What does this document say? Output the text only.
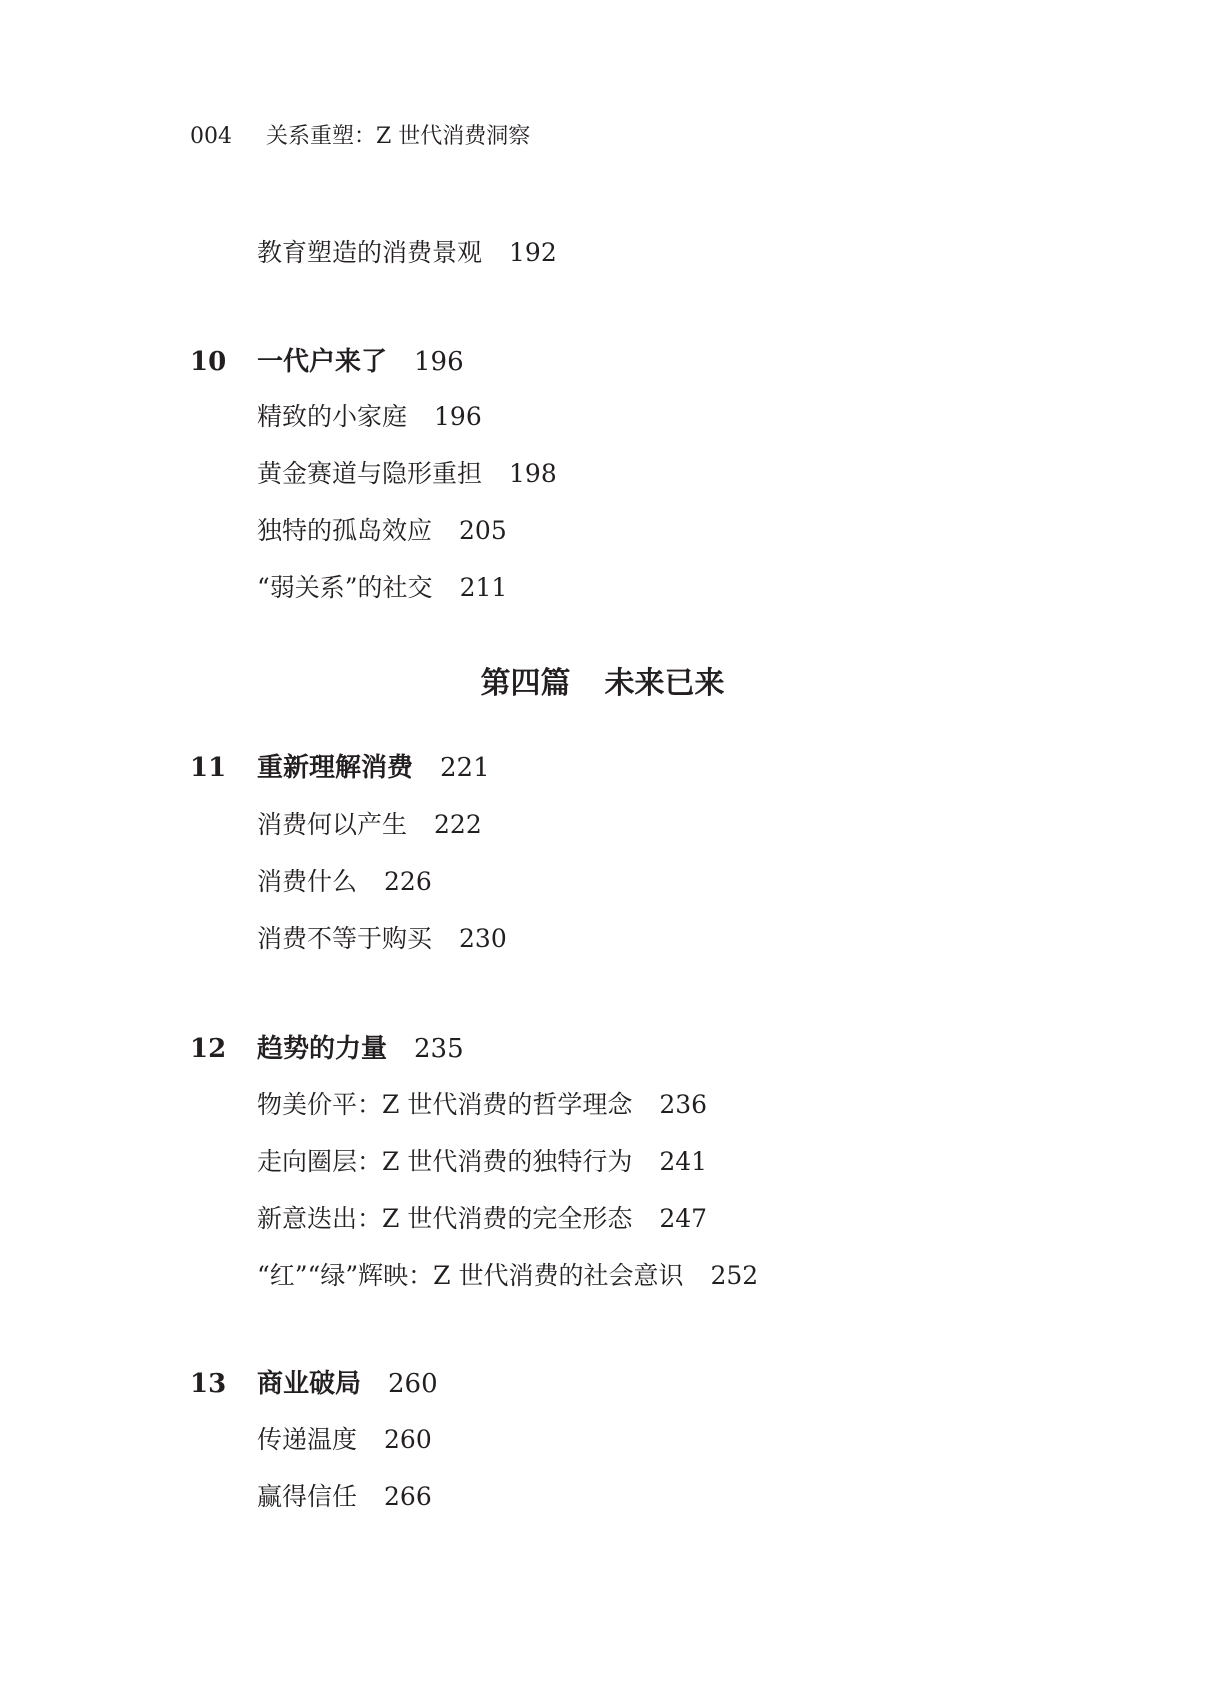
004 关系重塑：Z 世代消费洞察
教育塑造的消费景观 192
10 一代户来了 196
精致的小家庭 196
黄金赛道与隐形重担 198
独特的孤岛效应 205
“弱关系”的社交 211
第四篇 未来已来
11 重新理解消费 221
消费何以产生 222
消费什么 226
消费不等于购买 230
12 趋势的力量 235
物美价平：Z 世代消费的哲学理念 236
走向圈层：Z 世代消费的独特行为 241
新意迭出：Z 世代消费的完全形态 247
“红”“绿”辉映：Z 世代消费的社会意识 252
13 商业破局 260
传递温度 260
赢得信任 266
